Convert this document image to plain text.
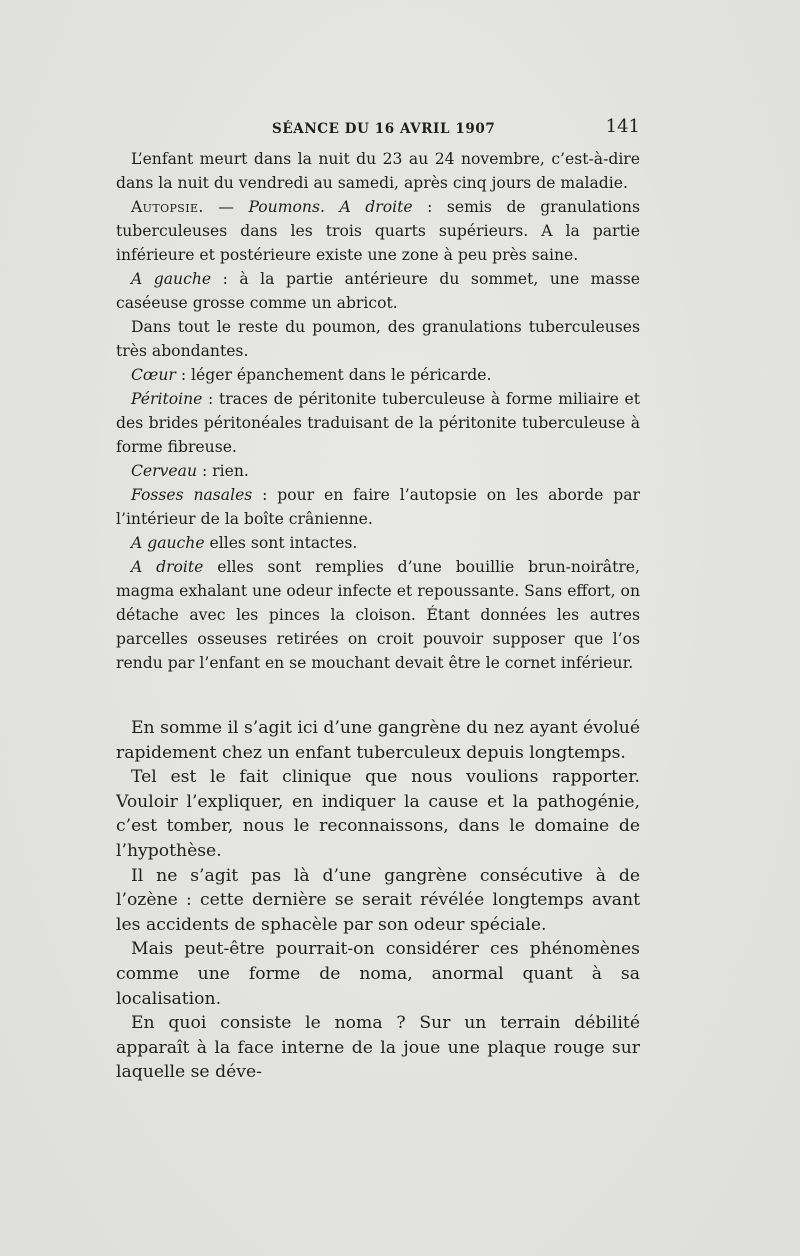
SÉANCE DU 16 AVRIL 1907	141

L’enfant meurt dans la nuit du 23 au 24 novembre, c’est-à-dire dans la nuit du vendredi au samedi, après cinq jours de maladie.

Autopsie. — Poumons. A droite : semis de granulations tuberculeuses dans les trois quarts supérieurs. A la partie inférieure et postérieure existe une zone à peu près saine.

A gauche : à la partie antérieure du sommet, une masse caséeuse grosse comme un abricot.

Dans tout le reste du poumon, des granulations tuberculeuses très abondantes.

Cœur : léger épanchement dans le péricarde.

Péritoine : traces de péritonite tuberculeuse à forme miliaire et des brides péritonéales traduisant de la péritonite tuberculeuse à forme fibreuse.

Cerveau : rien.

Fosses nasales : pour en faire l’autopsie on les aborde par l’intérieur de la boîte crânienne.

A gauche elles sont intactes.

A droite elles sont remplies d’une bouillie brun-noirâtre, magma exhalant une odeur infecte et repoussante. Sans effort, on détache avec les pinces la cloison. Étant données les autres parcelles osseuses retirées on croit pouvoir supposer que l’os rendu par l’enfant en se mouchant devait être le cornet inférieur.

En somme il s’agit ici d’une gangrène du nez ayant évolué rapidement chez un enfant tuberculeux depuis longtemps.

Tel est le fait clinique que nous voulions rapporter. Vouloir l’expliquer, en indiquer la cause et la pathogénie, c’est tomber, nous le reconnaissons, dans le domaine de l’hypothèse.

Il ne s’agit pas là d’une gangrène consécutive à de l’ozène : cette dernière se serait révélée longtemps avant les accidents de sphacèle par son odeur spéciale.

Mais peut-être pourrait-on considérer ces phénomènes comme une forme de noma, anormal quant à sa localisation.

En quoi consiste le noma ? Sur un terrain débilité apparaît à la face interne de la joue une plaque rouge sur laquelle se déve-
